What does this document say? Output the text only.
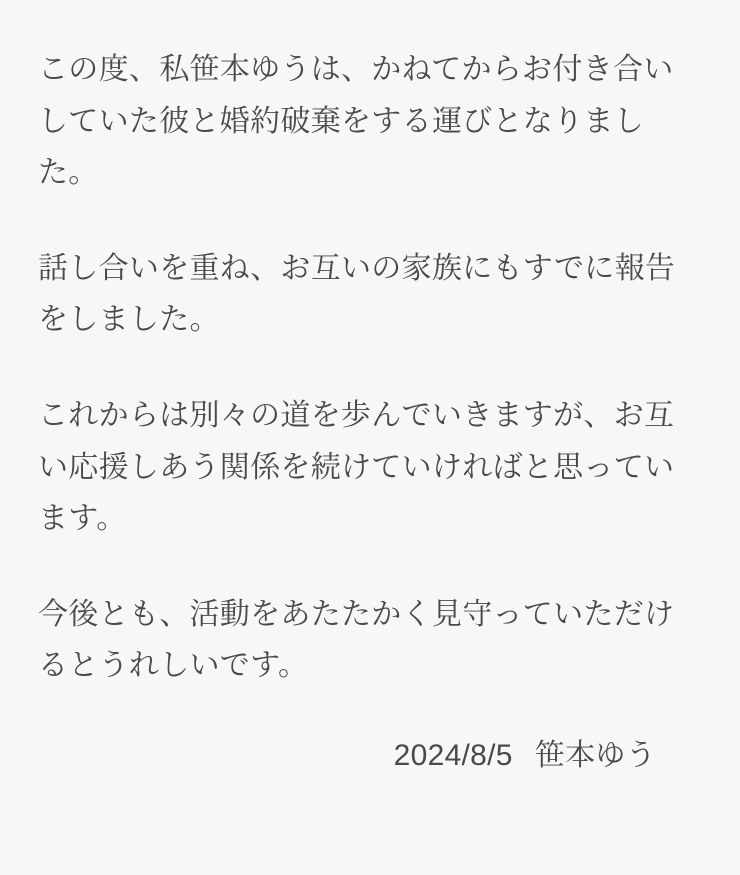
この度、私笹本ゆうは、かねてからお付き合いしていた彼と婚約破棄をする運びとなりました。

話し合いを重ね、お互いの家族にもすでに報告をしました。

これからは別々の道を歩んでいきますが、お互い応援しあう関係を続けていければと思っています。

今後とも、活動をあたたかく見守っていただけるとうれしいです。

2024/8/5 笹本ゆう
